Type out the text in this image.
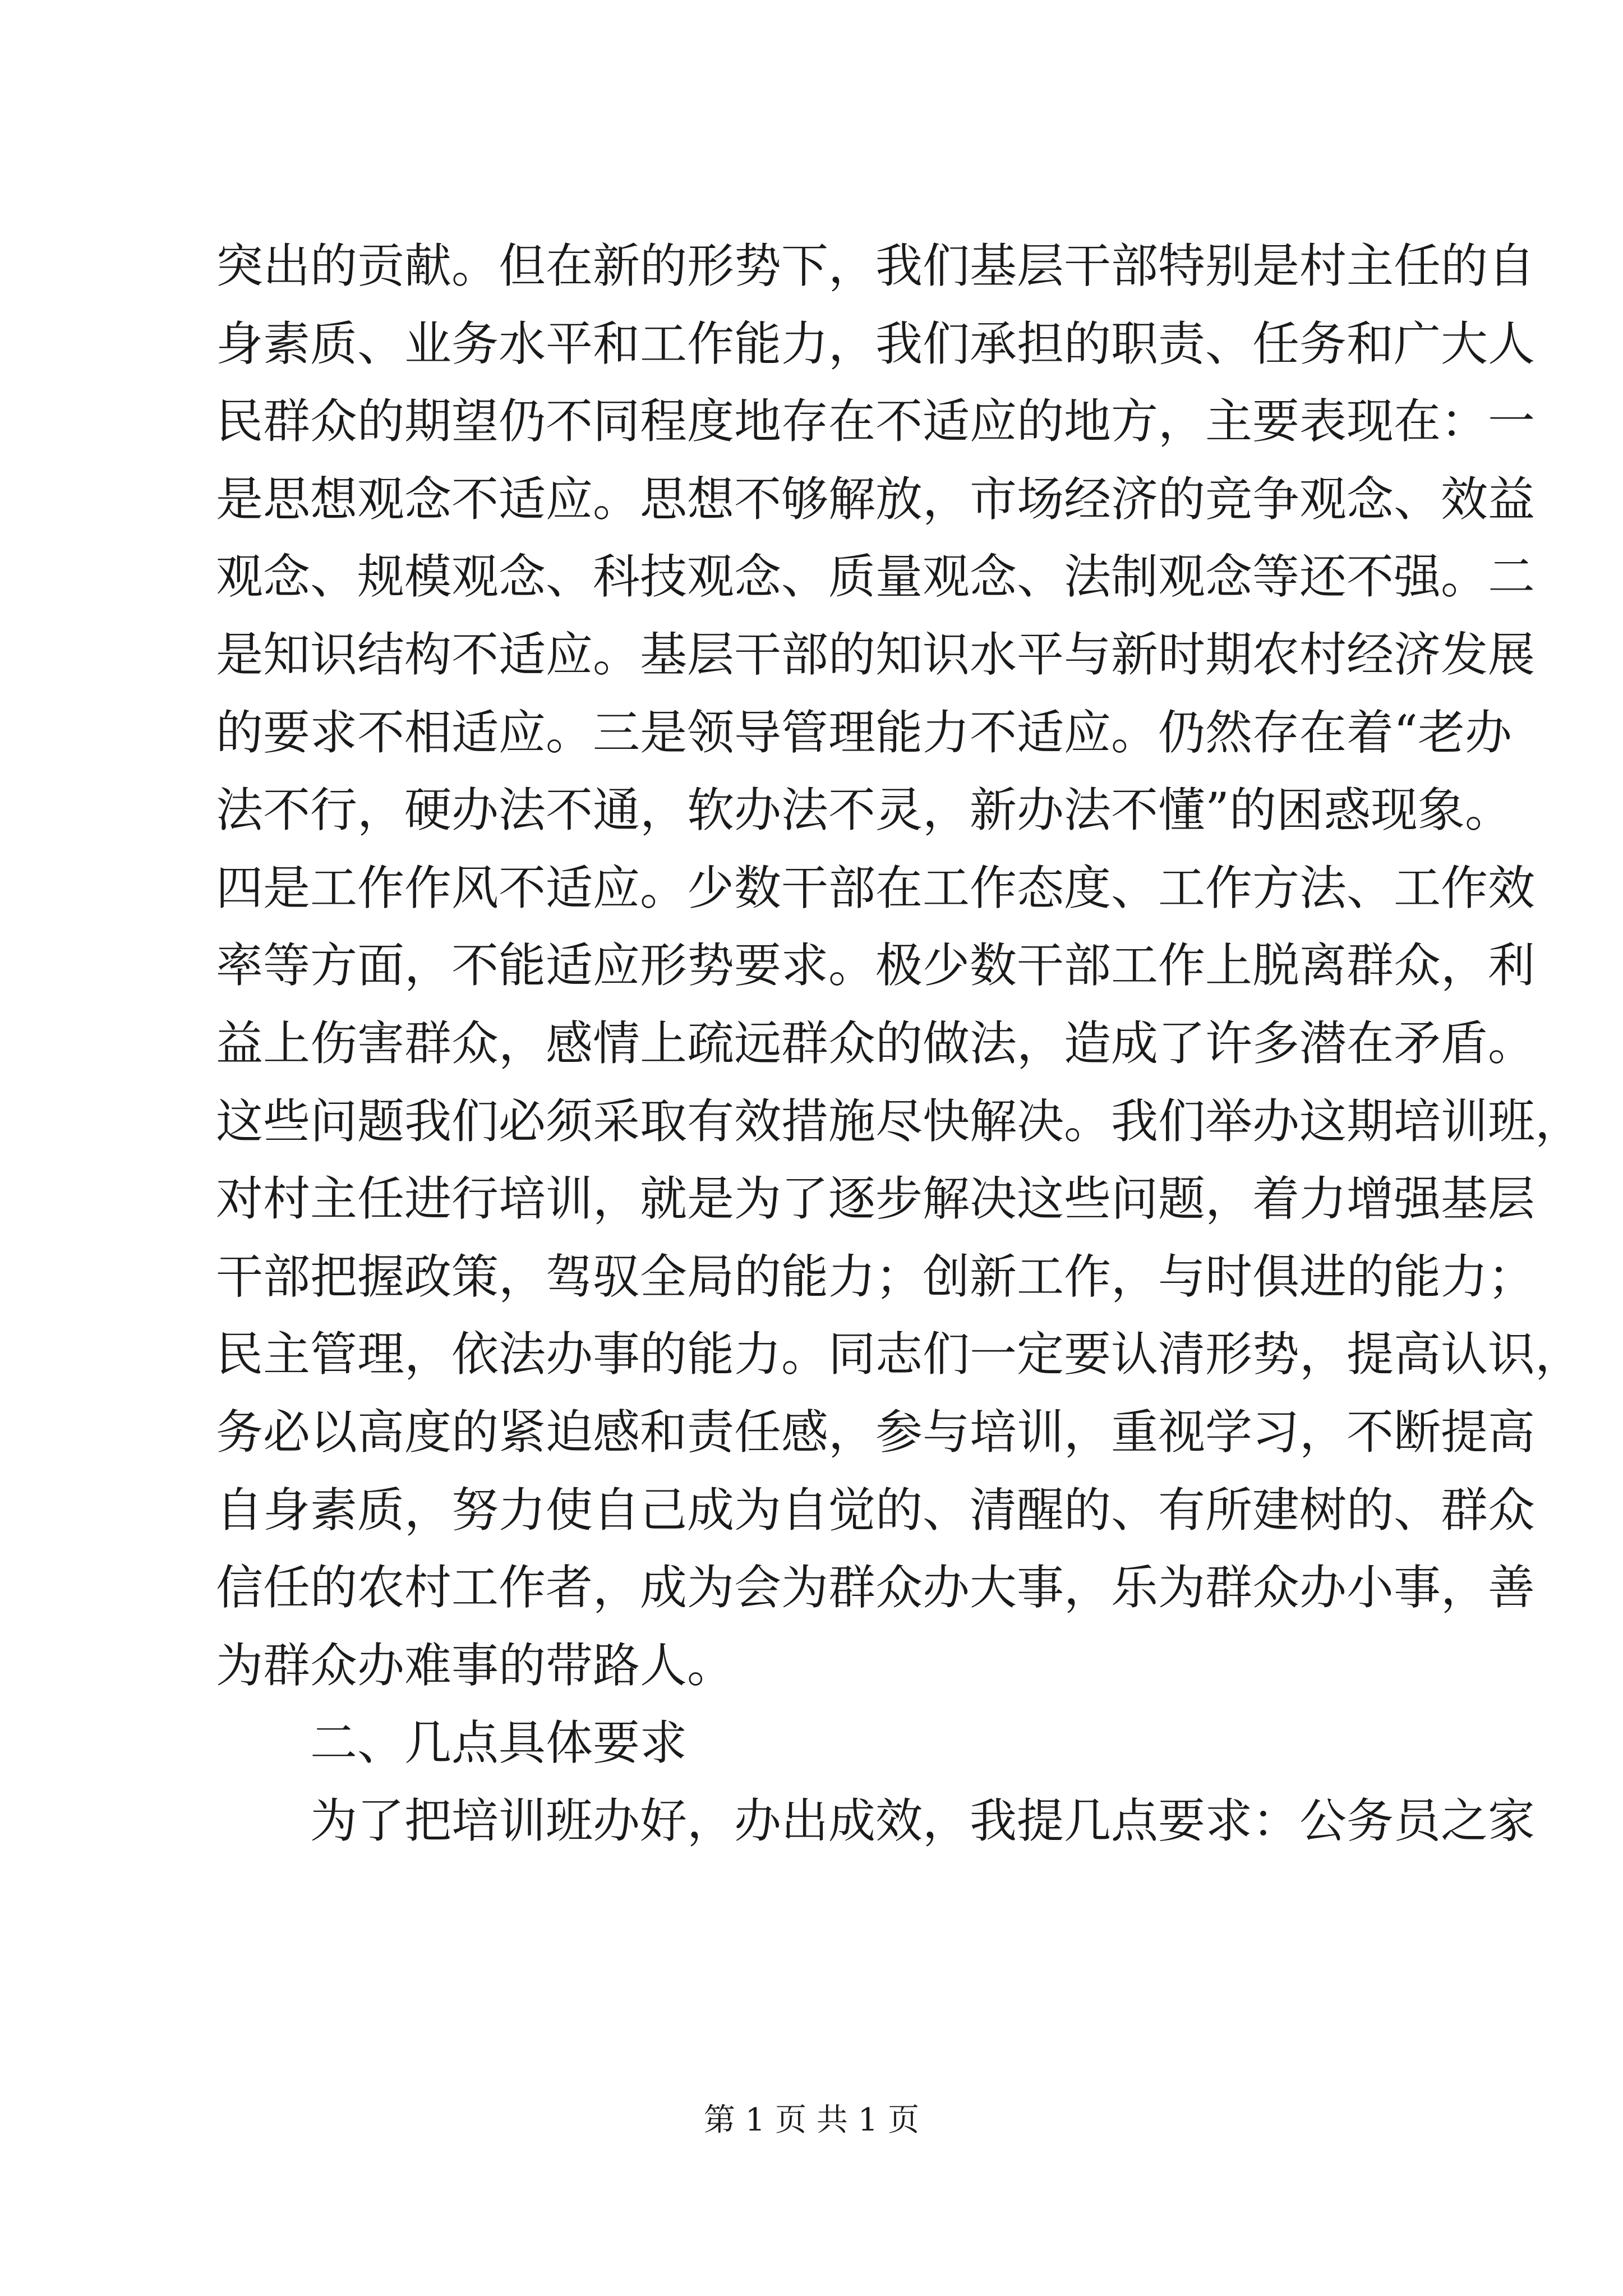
突出的贡献。但在新的形势下，我们基层干部特别是村主任的自
身素质、业务水平和工作能力，我们承担的职责、任务和广大人
民群众的期望仍不同程度地存在不适应的地方，主要表现在：一
是思想观念不适应。思想不够解放，市场经济的竞争观念、效益
观念、规模观念、科技观念、质量观念、法制观念等还不强。二
是知识结构不适应。基层干部的知识水平与新时期农村经济发展
的要求不相适应。三是领导管理能力不适应。仍然存在着“老办
法不行，硬办法不通，软办法不灵，新办法不懂”的困惑现象。
四是工作作风不适应。少数干部在工作态度、工作方法、工作效
率等方面，不能适应形势要求。极少数干部工作上脱离群众，利
益上伤害群众，感情上疏远群众的做法，造成了许多潜在矛盾。
这些问题我们必须采取有效措施尽快解决。我们举办这期培训班，
对村主任进行培训，就是为了逐步解决这些问题，着力增强基层
干部把握政策，驾驭全局的能力；创新工作，与时俱进的能力；
民主管理，依法办事的能力。同志们一定要认清形势，提高认识，
务必以高度的紧迫感和责任感，参与培训，重视学习，不断提高
自身素质，努力使自己成为自觉的、清醒的、有所建树的、群众
信任的农村工作者，成为会为群众办大事，乐为群众办小事，善
为群众办难事的带路人。
二、几点具体要求
为了把培训班办好，办出成效，我提几点要求：公务员之家
第 1 页 共 1 页
